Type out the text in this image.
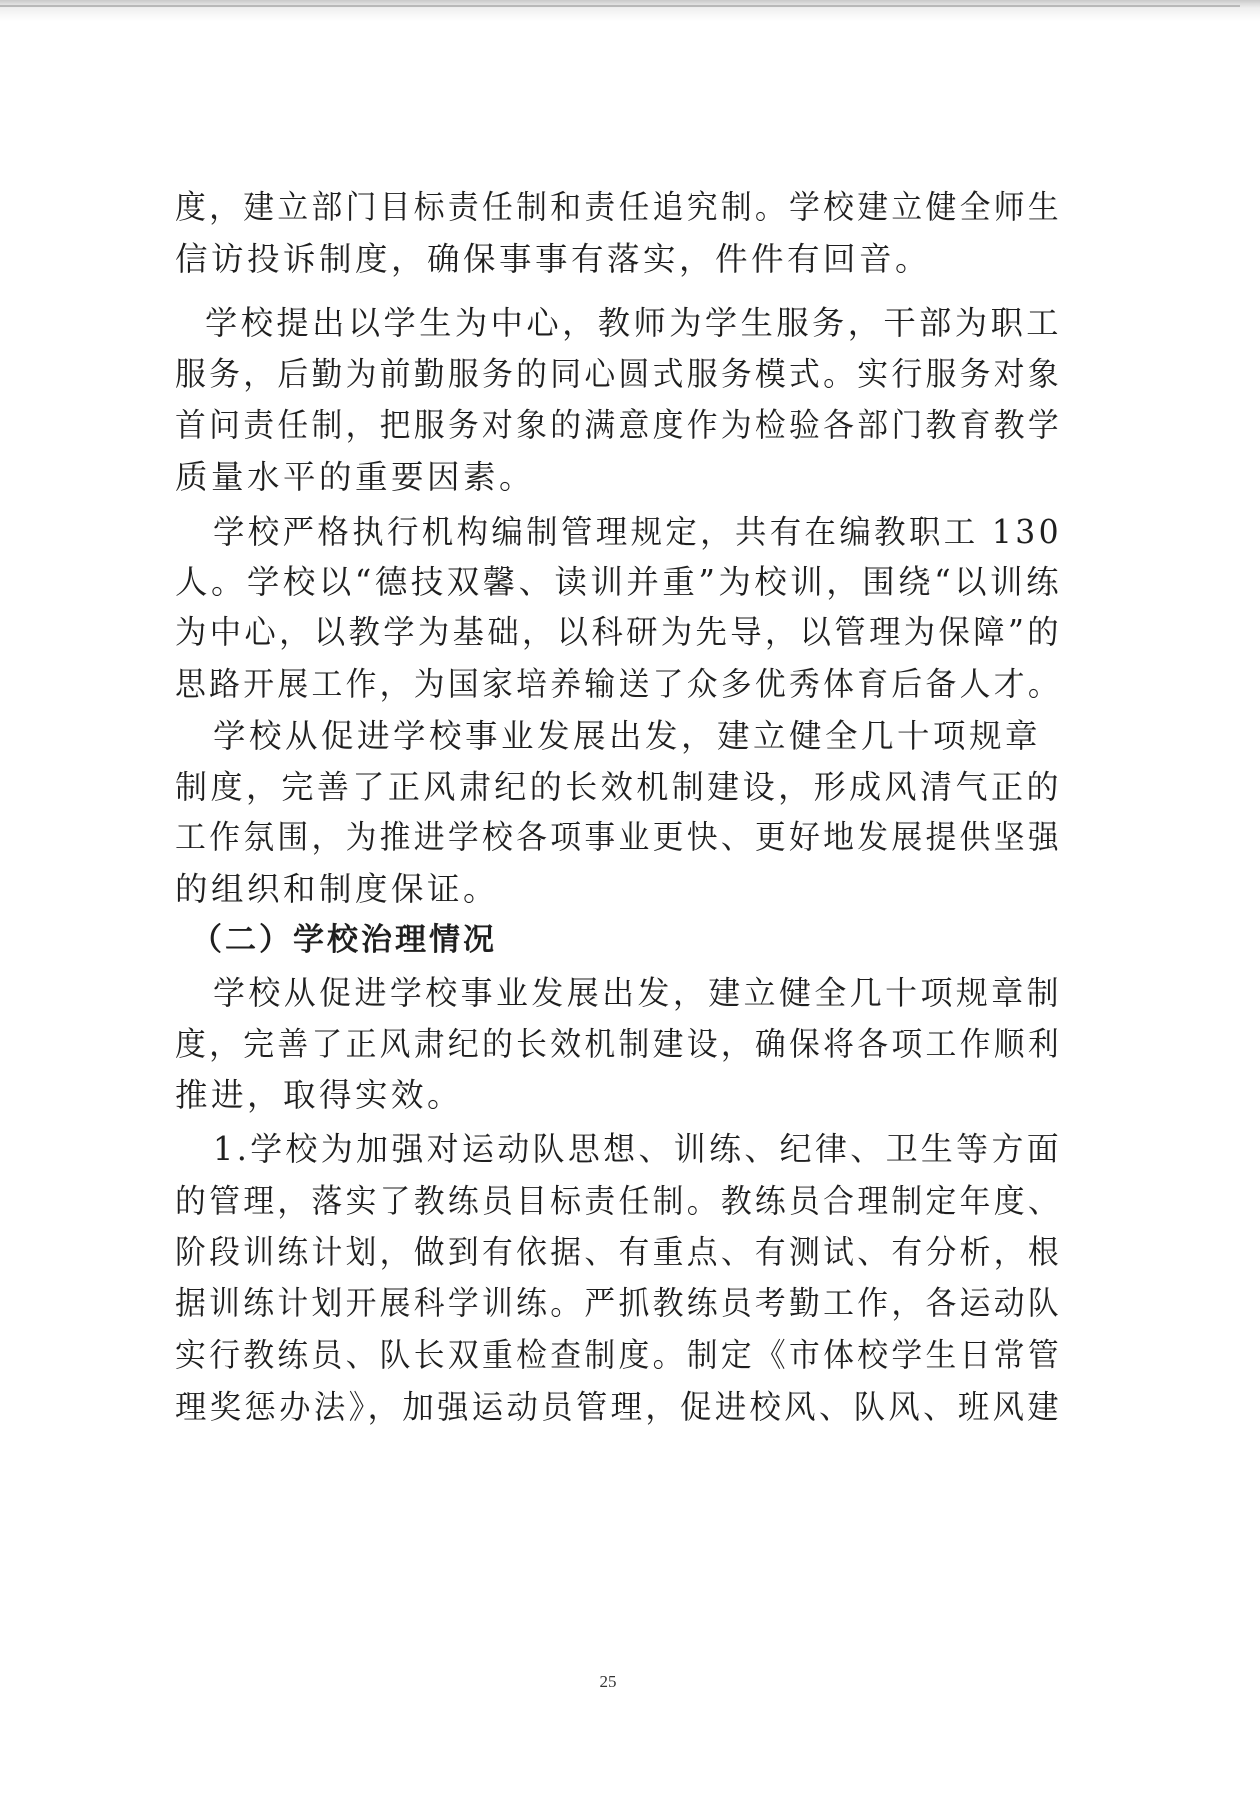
度，建立部门目标责任制和责任追究制。学校建立健全师生
信访投诉制度，确保事事有落实，件件有回音。
学校提出以学生为中心，教师为学生服务，干部为职工
服务，后勤为前勤服务的同心圆式服务模式。实行服务对象
首问责任制，把服务对象的满意度作为检验各部门教育教学
质量水平的重要因素。
学校严格执行机构编制管理规定，共有在编教职工 130
人。学校以“德技双馨、读训并重”为校训，围绕“以训练
为中心，以教学为基础，以科研为先导，以管理为保障”的
思路开展工作，为国家培养输送了众多优秀体育后备人才。
学校从促进学校事业发展出发，建立健全几十项规章
制度，完善了正风肃纪的长效机制建设，形成风清气正的
工作氛围，为推进学校各项事业更快、更好地发展提供坚强
的组织和制度保证。
（二）学校治理情况
学校从促进学校事业发展出发，建立健全几十项规章制
度，完善了正风肃纪的长效机制建设，确保将各项工作顺利
推进，取得实效。
1.学校为加强对运动队思想、训练、纪律、卫生等方面
的管理，落实了教练员目标责任制。教练员合理制定年度、
阶段训练计划，做到有依据、有重点、有测试、有分析，根
据训练计划开展科学训练。严抓教练员考勤工作，各运动队
实行教练员、队长双重检查制度。制定《市体校学生日常管
理奖惩办法》，加强运动员管理，促进校风、队风、班风建
25
